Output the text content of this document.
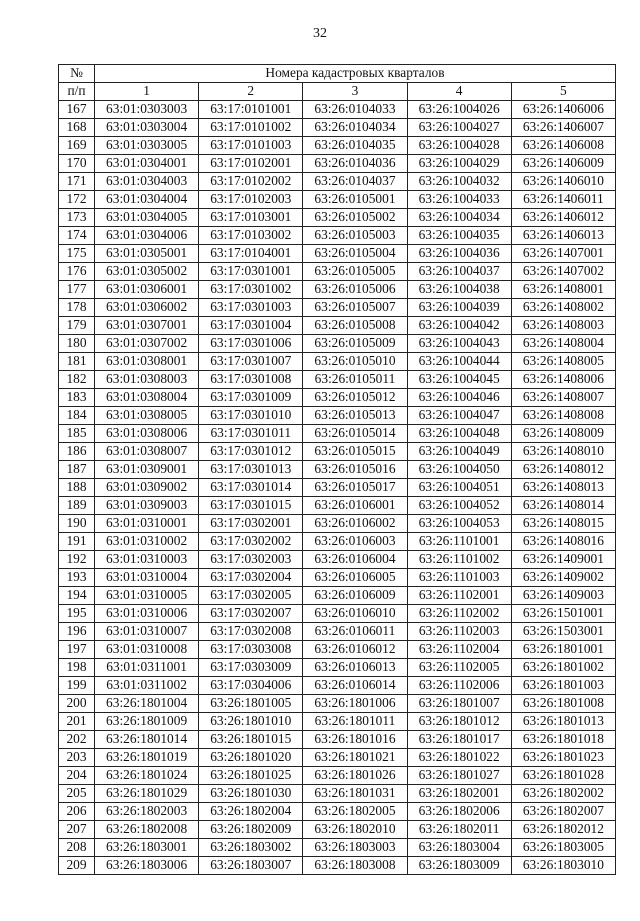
32
№	Номера кадастровых кварталов				
п/п	1	2	3	4	5
167	63:01:0303003	63:17:0101001	63:26:0104033	63:26:1004026	63:26:1406006
168	63:01:0303004	63:17:0101002	63:26:0104034	63:26:1004027	63:26:1406007
169	63:01:0303005	63:17:0101003	63:26:0104035	63:26:1004028	63:26:1406008
170	63:01:0304001	63:17:0102001	63:26:0104036	63:26:1004029	63:26:1406009
171	63:01:0304003	63:17:0102002	63:26:0104037	63:26:1004032	63:26:1406010
172	63:01:0304004	63:17:0102003	63:26:0105001	63:26:1004033	63:26:1406011
173	63:01:0304005	63:17:0103001	63:26:0105002	63:26:1004034	63:26:1406012
174	63:01:0304006	63:17:0103002	63:26:0105003	63:26:1004035	63:26:1406013
175	63:01:0305001	63:17:0104001	63:26:0105004	63:26:1004036	63:26:1407001
176	63:01:0305002	63:17:0301001	63:26:0105005	63:26:1004037	63:26:1407002
177	63:01:0306001	63:17:0301002	63:26:0105006	63:26:1004038	63:26:1408001
178	63:01:0306002	63:17:0301003	63:26:0105007	63:26:1004039	63:26:1408002
179	63:01:0307001	63:17:0301004	63:26:0105008	63:26:1004042	63:26:1408003
180	63:01:0307002	63:17:0301006	63:26:0105009	63:26:1004043	63:26:1408004
181	63:01:0308001	63:17:0301007	63:26:0105010	63:26:1004044	63:26:1408005
182	63:01:0308003	63:17:0301008	63:26:0105011	63:26:1004045	63:26:1408006
183	63:01:0308004	63:17:0301009	63:26:0105012	63:26:1004046	63:26:1408007
184	63:01:0308005	63:17:0301010	63:26:0105013	63:26:1004047	63:26:1408008
185	63:01:0308006	63:17:0301011	63:26:0105014	63:26:1004048	63:26:1408009
186	63:01:0308007	63:17:0301012	63:26:0105015	63:26:1004049	63:26:1408010
187	63:01:0309001	63:17:0301013	63:26:0105016	63:26:1004050	63:26:1408012
188	63:01:0309002	63:17:0301014	63:26:0105017	63:26:1004051	63:26:1408013
189	63:01:0309003	63:17:0301015	63:26:0106001	63:26:1004052	63:26:1408014
190	63:01:0310001	63:17:0302001	63:26:0106002	63:26:1004053	63:26:1408015
191	63:01:0310002	63:17:0302002	63:26:0106003	63:26:1101001	63:26:1408016
192	63:01:0310003	63:17:0302003	63:26:0106004	63:26:1101002	63:26:1409001
193	63:01:0310004	63:17:0302004	63:26:0106005	63:26:1101003	63:26:1409002
194	63:01:0310005	63:17:0302005	63:26:0106009	63:26:1102001	63:26:1409003
195	63:01:0310006	63:17:0302007	63:26:0106010	63:26:1102002	63:26:1501001
196	63:01:0310007	63:17:0302008	63:26:0106011	63:26:1102003	63:26:1503001
197	63:01:0310008	63:17:0303008	63:26:0106012	63:26:1102004	63:26:1801001
198	63:01:0311001	63:17:0303009	63:26:0106013	63:26:1102005	63:26:1801002
199	63:01:0311002	63:17:0304006	63:26:0106014	63:26:1102006	63:26:1801003
200	63:26:1801004	63:26:1801005	63:26:1801006	63:26:1801007	63:26:1801008
201	63:26:1801009	63:26:1801010	63:26:1801011	63:26:1801012	63:26:1801013
202	63:26:1801014	63:26:1801015	63:26:1801016	63:26:1801017	63:26:1801018
203	63:26:1801019	63:26:1801020	63:26:1801021	63:26:1801022	63:26:1801023
204	63:26:1801024	63:26:1801025	63:26:1801026	63:26:1801027	63:26:1801028
205	63:26:1801029	63:26:1801030	63:26:1801031	63:26:1802001	63:26:1802002
206	63:26:1802003	63:26:1802004	63:26:1802005	63:26:1802006	63:26:1802007
207	63:26:1802008	63:26:1802009	63:26:1802010	63:26:1802011	63:26:1802012
208	63:26:1803001	63:26:1803002	63:26:1803003	63:26:1803004	63:26:1803005
209	63:26:1803006	63:26:1803007	63:26:1803008	63:26:1803009	63:26:1803010
